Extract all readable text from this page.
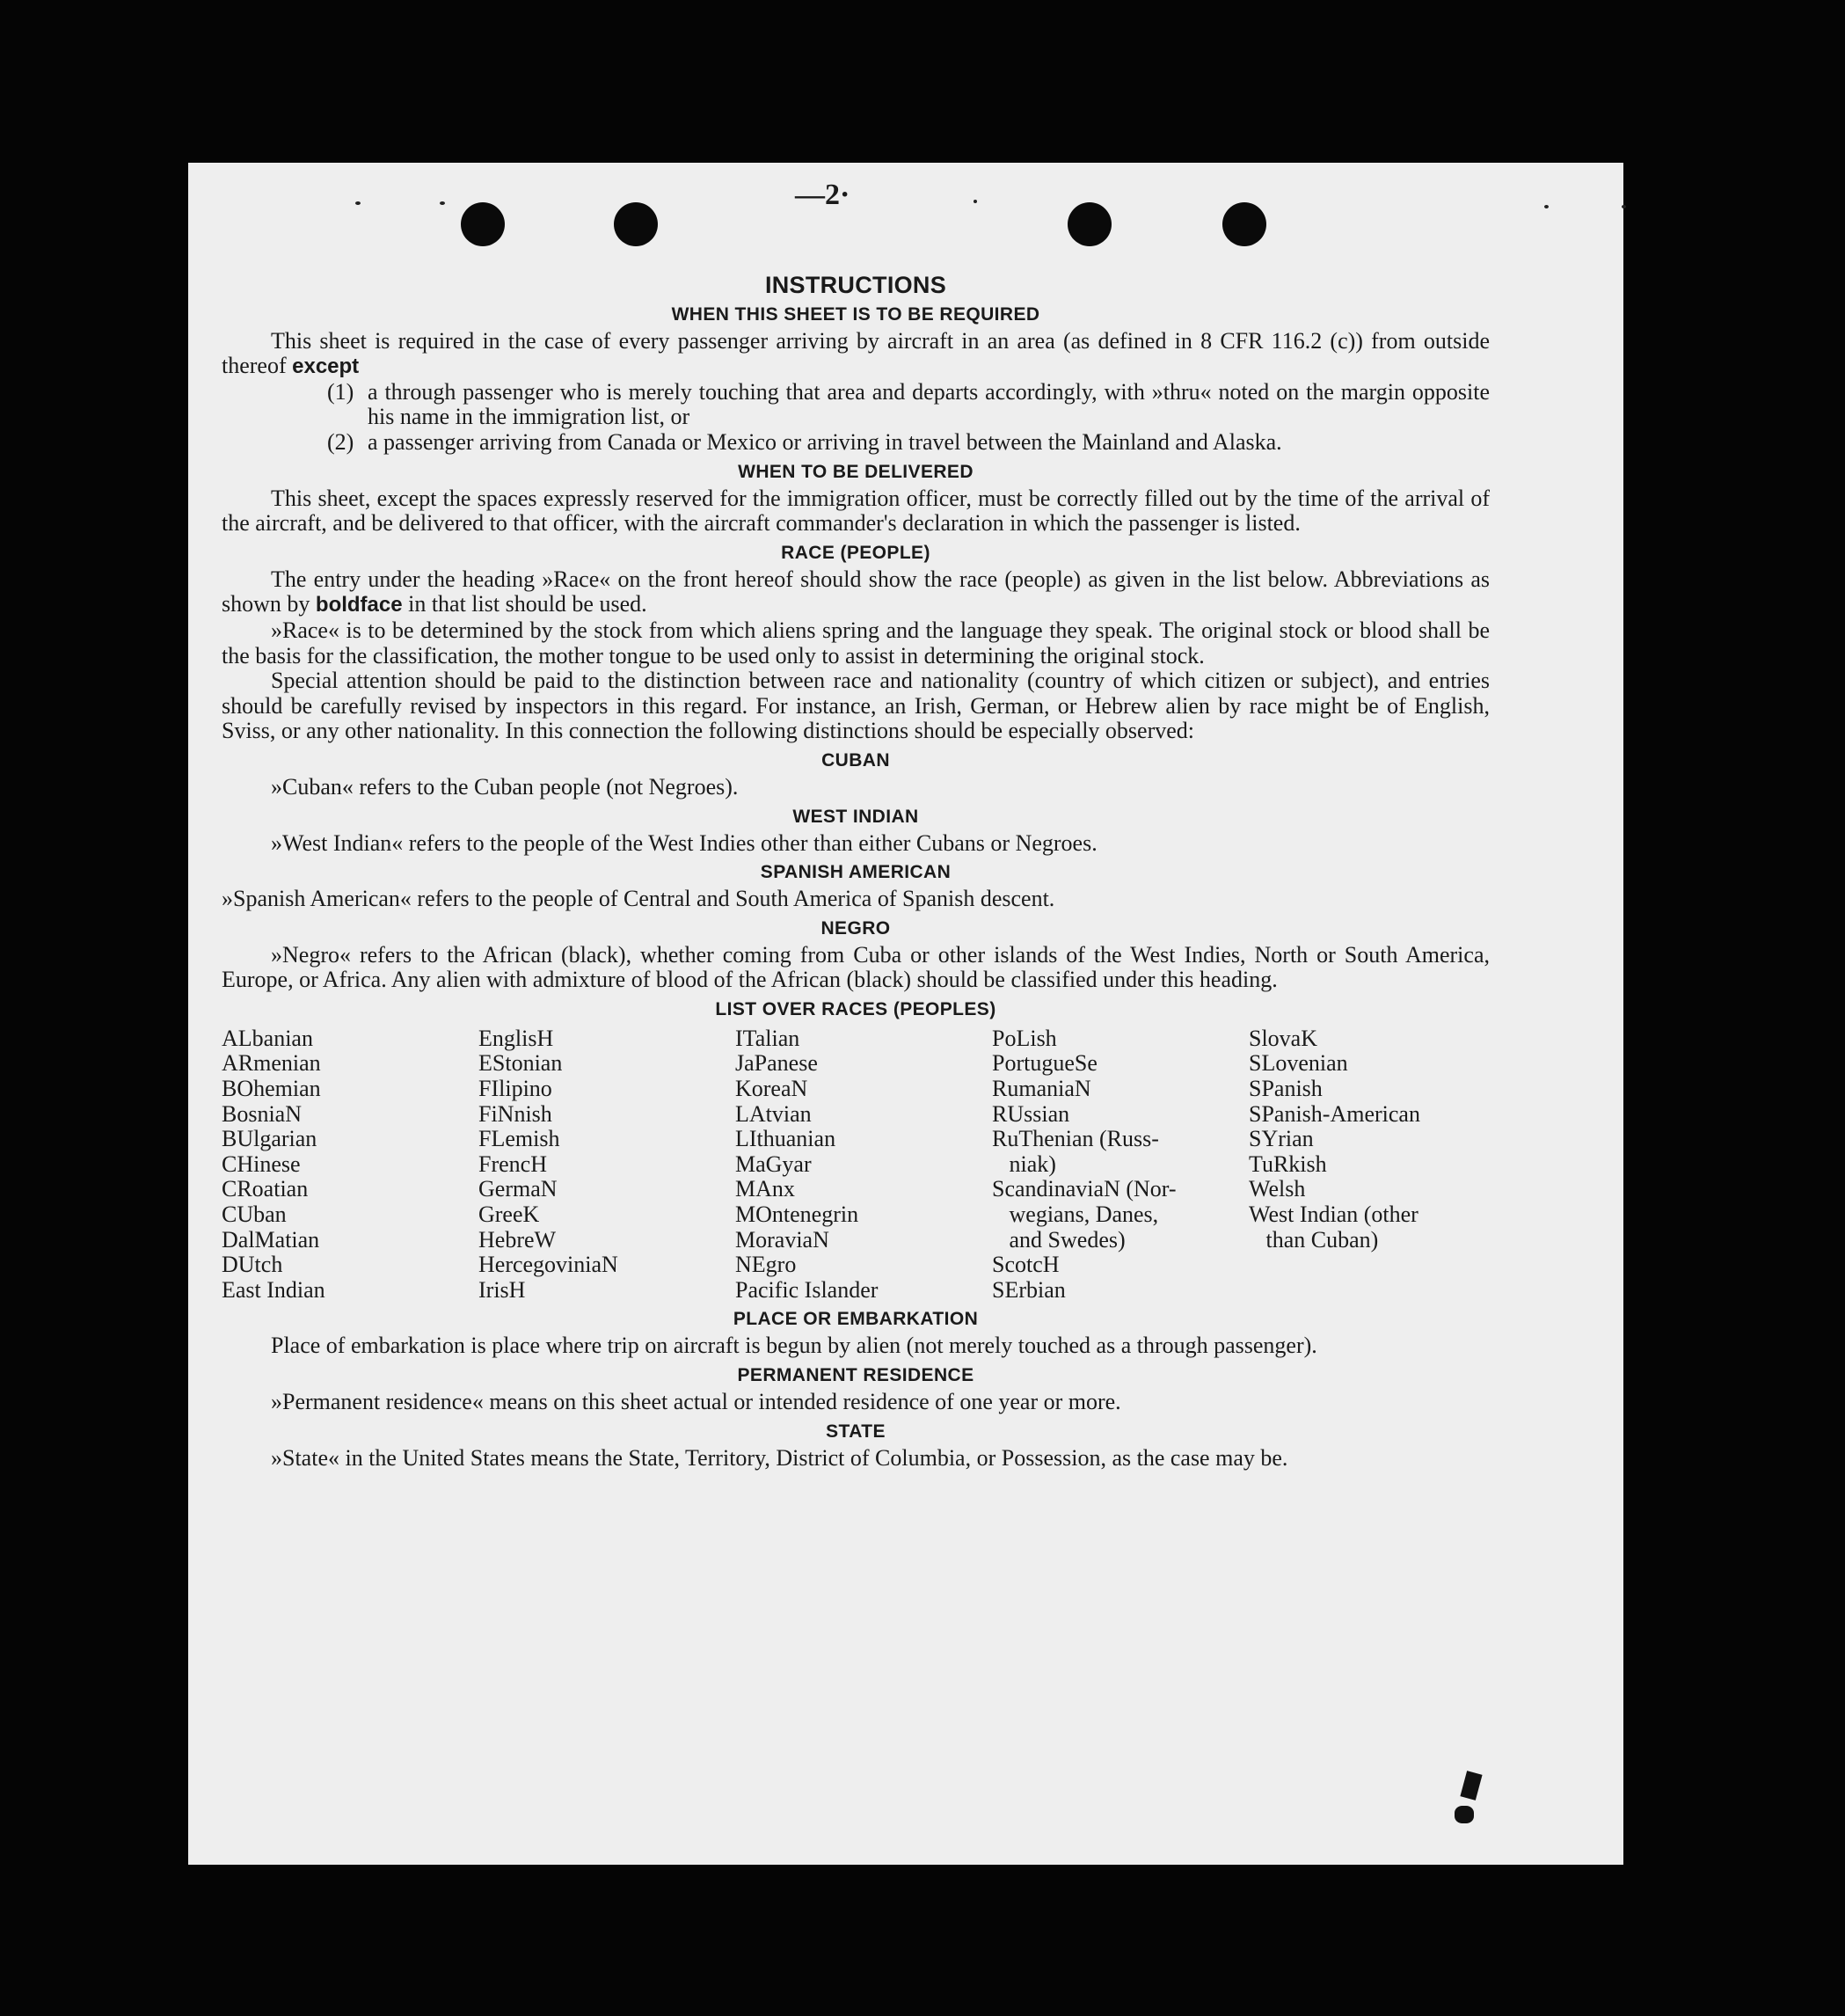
—2·
INSTRUCTIONS
WHEN THIS SHEET IS TO BE REQUIRED

This sheet is required in the case of every passenger arriving by aircraft in an area (as defined in 8 CFR 116.2 (c)) from outside thereof except

(1) a through passenger who is merely touching that area and departs accordingly, with »thru« noted on the margin opposite his name in the immigration list, or
(2) a passenger arriving from Canada or Mexico or arriving in travel between the Mainland and Alaska.
WHEN TO BE DELIVERED

This sheet, except the spaces expressly reserved for the immigration officer, must be correctly filled out by the time of the arrival of the aircraft, and be delivered to that officer, with the aircraft commander's declaration in which the passenger is listed.

RACE (PEOPLE)

The entry under the heading »Race« on the front hereof should show the race (people) as given in the list below. Abbreviations as shown by boldface in that list should be used.

»Race« is to be determined by the stock from which aliens spring and the language they speak. The original stock or blood shall be the basis for the classification, the mother tongue to be used only to assist in determining the original stock.

Special attention should be paid to the distinction between race and nationality (country of which citizen or subject), and entries should be carefully revised by inspectors in this regard. For instance, an Irish, German, or Hebrew alien by race might be of English, Sviss, or any other nationality. In this connection the following distinctions should be especially observed:

CUBAN

»Cuban« refers to the Cuban people (not Negroes).

WEST INDIAN

»West Indian« refers to the people of the West Indies other than either Cubans or Negroes.

SPANISH AMERICAN

»Spanish American« refers to the people of Central and South America of Spanish descent.

NEGRO

»Negro« refers to the African (black), whether coming from Cuba or other islands of the West Indies, North or South America, Europe, or Africa. Any alien with admixture of blood of the African (black) should be classified under this heading.

LIST OVER RACES (PEOPLES)
ALbanian
ARmenian
BOhemian
BosniaN
BUlgarian
CHinese
CRoatian
CUban
DalMatian
DUtch
East Indian
EnglisH
EStonian
FIlipino
FiNnish
FLemish
FrencH
GermaN
GreeK
HebreW
HercegoviniaN
IrisH
ITalian
JaPanese
KoreaN
LAtvian
LIthuanian
MaGyar
MAnx
MOntenegrin
MoraviaN
NEgro
Pacific Islander
PoLish
PortugueSe
RumaniaN
RUssian
RuThenian (Russ-
niak)
ScandinaviaN (Nor-
wegians, Danes,
and Swedes)
ScotcH
SErbian
SlovaK
SLovenian
SPanish
SPanish-American
SYrian
TuRkish
Welsh
West Indian (other
than Cuban)
PLACE OR EMBARKATION

Place of embarkation is place where trip on aircraft is begun by alien (not merely touched as a through passenger).

PERMANENT RESIDENCE

»Permanent residence« means on this sheet actual or intended residence of one year or more.

STATE

»State« in the United States means the State, Territory, District of Columbia, or Possession, as the case may be.
